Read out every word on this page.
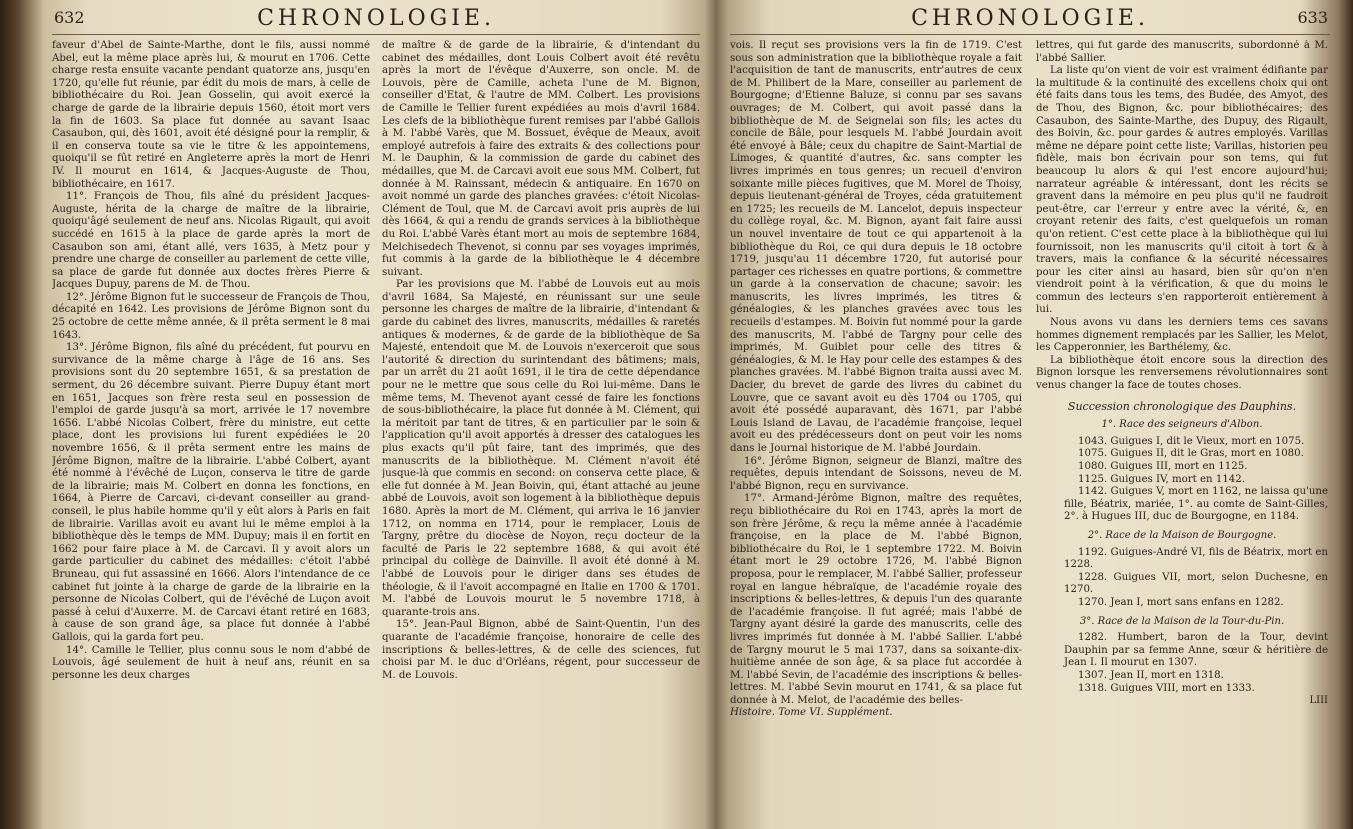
632	CHRONOLOGIE.

faveur d'Abel de Sainte-Marthe, dont le fils, aussi nommé Abel, eut la même place après lui, & mourut en 1706. Cette charge resta ensuite vacante pendant quatorze ans, jusqu'en 1720, qu'elle fut réunie, par édit du mois de mars, à celle de bibliothécaire du Roi. Jean Gosselin, qui avoit exercé la charge de garde de la librairie depuis 1560, étoit mort vers la fin de 1603. Sa place fut donnée au savant Isaac Casaubon, qui, dès 1601, avoit été désigné pour la remplir, & il en conserva toute sa vie le titre & les appointemens, quoiqu'il se fût retiré en Angleterre après la mort de Henri IV. Il mourut en 1614, & Jacques-Auguste de Thou, bibliothécaire, en 1617.

11°. François de Thou, fils aîné du président Jacques-Auguste, hérita de la charge de maître de la librairie, quoiqu'âgé seulement de neuf ans. Nicolas Rigault, qui avoit succédé en 1615 à la place de garde après la mort de Casaubon son ami, étant allé, vers 1635, à Metz pour y prendre une charge de conseiller au parlement de cette ville, sa place de garde fut donnée aux doctes frères Pierre & Jacques Dupuy, parens de M. de Thou.

12°. Jérôme Bignon fut le successeur de François de Thou, décapité en 1642. Les provisions de Jérôme Bignon sont du 25 octobre de cette même année, & il prêta serment le 8 mai 1643.

13°. Jérôme Bignon, fils aîné du précédent, fut pourvu en survivance de la même charge à l'âge de 16 ans. Ses provisions sont du 20 septembre 1651, & sa prestation de serment, du 26 décembre suivant. Pierre Dupuy étant mort en 1651, Jacques son frère resta seul en possession de l'emploi de garde jusqu'à sa mort, arrivée le 17 novembre 1656. L'abbé Nicolas Colbert, frère du ministre, eut cette place, dont les provisions lui furent expédiées le 20 novembre 1656, & il prêta serment entre les mains de Jérôme Bignon, maître de la librairie. L'abbé Colbert, ayant été nommé à l'évêché de Luçon, conserva le titre de garde de la librairie; mais M. Colbert en donna les fonctions, en 1664, à Pierre de Carcavi, ci-devant conseiller au grand-conseil, le plus habile homme qu'il y eût alors à Paris en fait de librairie. Varillas avoit eu avant lui le même emploi à la bibliothèque dès le temps de MM. Dupuy; mais il en fortit en 1662 pour faire place à M. de Carcavi. Il y avoit alors un garde particulier du cabinet des médailles: c'étoit l'abbé Bruneau, qui fut assassiné en 1666. Alors l'intendance de ce cabinet fut jointe à la charge de garde de la librairie en la personne de Nicolas Colbert, qui de l'évêché de Luçon avoit passé à celui d'Auxerre. M. de Carcavi étant retiré en 1683, à cause de son grand âge, sa place fut donnée à l'abbé Gallois, qui la garda fort peu.

14°. Camille le Tellier, plus connu sous le nom d'abbé de Louvois, âgé seulement de huit à neuf ans, réunit en sa personne les deux charges

de maître & de garde de la librairie, & d'intendant du cabinet des médailles, dont Louis Colbert avoit été revêtu après la mort de l'évêque d'Auxerre, son oncle. M. de Louvois, père de Camille, acheta l'une de M. Bignon, conseiller d'Etat, & l'autre de MM. Colbert. Les provisions de Camille le Tellier furent expédiées au mois d'avril 1684. Les clefs de la bibliothèque furent remises par l'abbé Gallois à M. l'abbé Varès, que M. Bossuet, évêque de Meaux, avoit employé autrefois à faire des extraits & des collections pour M. le Dauphin, & la commission de garde du cabinet des médailles, que M. de Carcavi avoit eue sous MM. Colbert, fut donnée à M. Rainssant, médecin & antiquaire. En 1670 on avoit nommé un garde des planches gravées: c'étoit Nicolas-Clément de Toul, que M. de Carcavi avoit pris auprès de lui dès 1664, & qui a rendu de grands services à la bibliothèque du Roi. L'abbé Varès étant mort au mois de septembre 1684, Melchisedech Thevenot, si connu par ses voyages imprimés, fut commis à la garde de la bibliothèque le 4 décembre suivant.

Par les provisions que M. l'abbé de Louvois eut au mois d'avril 1684, Sa Majesté, en réunissant sur une seule personne les charges de maître de la librairie, d'intendant & garde du cabinet des livres, manuscrits, médailles & raretés antiques & modernes, & de garde de la bibliothèque de Sa Majesté, entendoit que M. de Louvois n'exerceroit que sous l'autorité & direction du surintendant des bâtimens; mais, par un arrêt du 21 août 1691, il le tira de cette dépendance pour ne le mettre que sous celle du Roi lui-même. Dans le même tems, M. Thevenot ayant cessé de faire les fonctions de sous-bibliothécaire, la place fut donnée à M. Clément, qui la méritoit par tant de titres, & en particulier par le soin & l'application qu'il avoit apportés à dresser des catalogues les plus exacts qu'il pût faire, tant des imprimés, que des manuscrits de la bibliothèque. M. Clément n'avoit été jusque-là que commis en second: on conserva cette place, & elle fut donnée à M. Jean Boivin, qui, étant attaché au jeune abbé de Louvois, avoit son logement à la bibliothèque depuis 1680. Après la mort de M. Clément, qui arriva le 16 janvier 1712, on nomma en 1714, pour le remplacer, Louis de Targny, prêtre du diocèse de Noyon, reçu docteur de la faculté de Paris le 22 septembre 1688, & qui avoit été principal du collège de Dainville. Il avoit été donné à M. l'abbé de Louvois pour le diriger dans ses études de théologie, & il l'avoit accompagné en Italie en 1700 & 1701. M. l'abbé de Louvois mourut le 5 novembre 1718, à quarante-trois ans.

15°. Jean-Paul Bignon, abbé de Saint-Quentin, l'un des quarante de l'académie françoise, honoraire de celle des inscriptions & belles-lettres, & de celle des sciences, fut choisi par M. le duc d'Orléans, régent, pour successeur de M. de Louvois.

CHRONOLOGIE.	633

vois. Il reçut ses provisions vers la fin de 1719. C'est sous son administration que la bibliothèque royale a fait l'acquisition de tant de manuscrits, entr'autres de ceux de M. Philibert de la Mare, conseiller au parlement de Bourgogne; d'Etienne Baluze, si connu par ses savans ouvrages; de M. Colbert, qui avoit passé dans la bibliothèque de M. de Seignelai son fils; les actes du concile de Bâle, pour lesquels M. l'abbé Jourdain avoit été envoyé à Bâle; ceux du chapitre de Saint-Martial de Limoges, & quantité d'autres, &c. sans compter les livres imprimés en tous genres; un recueil d'environ soixante mille pièces fugitives, que M. Morel de Thoisy, depuis lieutenant-général de Troyes, céda gratuitement en 1725; les recueils de M. Lancelot, depuis inspecteur du collège royal, &c. M. Bignon, ayant fait faire aussi un nouvel inventaire de tout ce qui appartenoit à la bibliothèque du Roi, ce qui dura depuis le 18 octobre 1719, jusqu'au 11 décembre 1720, fut autorisé pour partager ces richesses en quatre portions, & commettre un garde à la conservation de chacune; savoir: les manuscrits, les livres imprimés, les titres & généalogies, & les planches gravées avec tous les recueils d'estampes. M. Boivin fut nommé pour la garde des manuscrits, M. l'abbé de Targny pour celle des imprimés, M. Guiblet pour celle des titres & généalogies, & M. le Hay pour celle des estampes & des planches gravées. M. l'abbé Bignon traita aussi avec M. Dacier, du brevet de garde des livres du cabinet du Louvre, que ce savant avoit eu dès 1704 ou 1705, qui avoit été possédé auparavant, dès 1671, par l'abbé Louis Island de Lavau, de l'académie françoise, lequel avoit eu des prédécesseurs dont on peut voir les noms dans le Journal historique de M. l'abbé Jourdain.

16°. Jérôme Bignon, seigneur de Blanzi, maître des requêtes, depuis intendant de Soissons, neveu de M. l'abbé Bignon, reçu en survivance.

17°. Armand-Jérôme Bignon, maître des requêtes, reçu bibliothécaire du Roi en 1743, après la mort de son frère Jérôme, & reçu la même année à l'académie françoise, en la place de M. l'abbé Bignon, bibliothécaire du Roi, le 1 septembre 1722. M. Boivin étant mort le 29 octobre 1726, M. l'abbé Bignon proposa, pour le remplacer, M. l'abbé Sallier, professeur royal en langue hébraïque, de l'académie royale des inscriptions & belles-lettres, & depuis l'un des quarante de l'académie françoise. Il fut agréé; mais l'abbé de Targny ayant désiré la garde des manuscrits, celle des livres imprimés fut donnée à M. l'abbé Sallier. L'abbé de Targny mourut le 5 mai 1737, dans sa soixante-dix-huitième année de son âge, & sa place fut accordée à M. l'abbé Sevin, de l'académie des inscriptions & belles-lettres. M. l'abbé Sevin mourut en 1741, & sa place fut donnée à M. Melot, de l'académie des belles-

Histoire. Tome VI. Supplément.

lettres, qui fut garde des manuscrits, subordonné à M. l'abbé Sallier.

La liste qu'on vient de voir est vraiment édifiante par la multitude & la continuité des excellens choix qui ont été faits dans tous les tems, des Budée, des Amyot, des de Thou, des Bignon, &c. pour bibliothécaires; des Casaubon, des Sainte-Marthe, des Dupuy, des Rigault, des Boivin, &c. pour gardes & autres employés. Varillas même ne dépare point cette liste; Varillas, historien peu fidèle, mais bon écrivain pour son tems, qui fut beaucoup lu alors & qui l'est encore aujourd'hui; narrateur agréable & intéressant, dont les récits se gravent dans la mémoire en peu plus qu'il ne faudroit peut-être, car l'erreur y entre avec la vérité, &, en croyant retenir des faits, c'est quelquefois un roman qu'on retient. C'est cette place à la bibliothèque qui lui fournissoit, non les manuscrits qu'il citoit à tort & à travers, mais la confiance & la sécurité nécessaires pour les citer ainsi au hasard, bien sûr qu'on n'en viendroit point à la vérification, & que du moins le commun des lecteurs s'en rapporteroit entièrement à lui.

Nous avons vu dans les derniers tems ces savans hommes dignement remplacés par les Sallier, les Melot, les Capperonnier, les Barthélemy, &c.

La bibliothèque étoit encore sous la direction des Bignon lorsque les renversemens révolutionnaires sont venus changer la face de toutes choses.

Succession chronologique des Dauphins.
1°. Race des seigneurs d'Albon.

1043. Guigues I, dit le Vieux, mort en 1075.

1075. Guigues II, dit le Gras, mort en 1080.

1080. Guigues III, mort en 1125.

1125. Guigues IV, mort en 1142.

1142. Guigues V, mort en 1162, ne laissa qu'une fille, Béatrix, mariée, 1°. au comte de Saint-Gilles, 2°. à Hugues III, duc de Bourgogne, en 1184.

2°. Race de la Maison de Bourgogne.

1192. Guigues-André VI, fils de Béatrix, mort en 1228.

1228. Guigues VII, mort, selon Duchesne, en 1270.

1270. Jean I, mort sans enfans en 1282.

3°. Race de la Maison de la Tour-du-Pin.

1282. Humbert, baron de la Tour, devint Dauphin par sa femme Anne, sœur & héritière de Jean I. Il mourut en 1307.

1307. Jean II, mort en 1318.

1318. Guigues VIII, mort en 1333.

LIII
